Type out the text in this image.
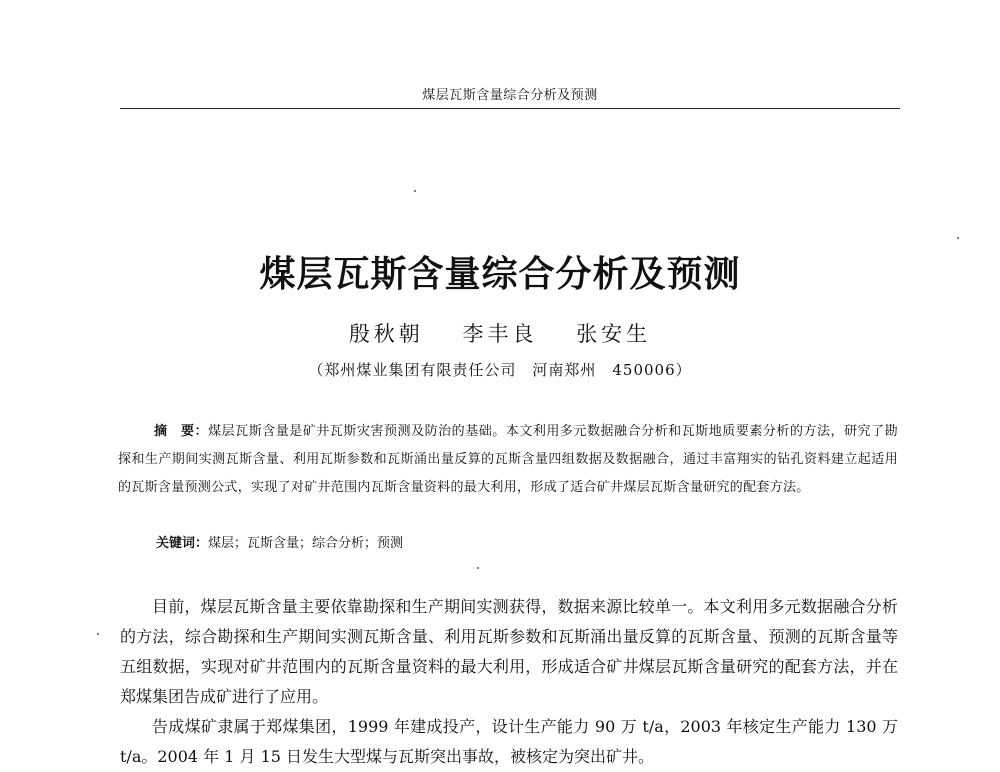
煤层瓦斯含量综合分析及预测
煤层瓦斯含量综合分析及预测
殷秋朝 李丰良 张安生
（郑州煤业集团有限责任公司　河南郑州　450006）
摘　要：煤层瓦斯含量是矿井瓦斯灾害预测及防治的基础。本文利用多元数据融合分析和瓦斯地质要素分析的方法，研究了勘探和生产期间实测瓦斯含量、利用瓦斯参数和瓦斯涌出量反算的瓦斯含量四组数据及数据融合，通过丰富翔实的钻孔资料建立起适用的瓦斯含量预测公式，实现了对矿井范围内瓦斯含量资料的最大利用，形成了适合矿井煤层瓦斯含量研究的配套方法。
关键词：煤层；瓦斯含量；综合分析；预测

目前，煤层瓦斯含量主要依靠勘探和生产期间实测获得，数据来源比较单一。本文利用多元数据融合分析的方法，综合勘探和生产期间实测瓦斯含量、利用瓦斯参数和瓦斯涌出量反算的瓦斯含量、预测的瓦斯含量等五组数据，实现对矿井范围内的瓦斯含量资料的最大利用，形成适合矿井煤层瓦斯含量研究的配套方法，并在郑煤集团告成矿进行了应用。

告成煤矿隶属于郑煤集团，1999 年建成投产，设计生产能力 90 万 t/a，2003 年核定生产能力 130 万 t/a。2004 年 1 月 15 日发生大型煤与瓦斯突出事故，被核定为突出矿井。
